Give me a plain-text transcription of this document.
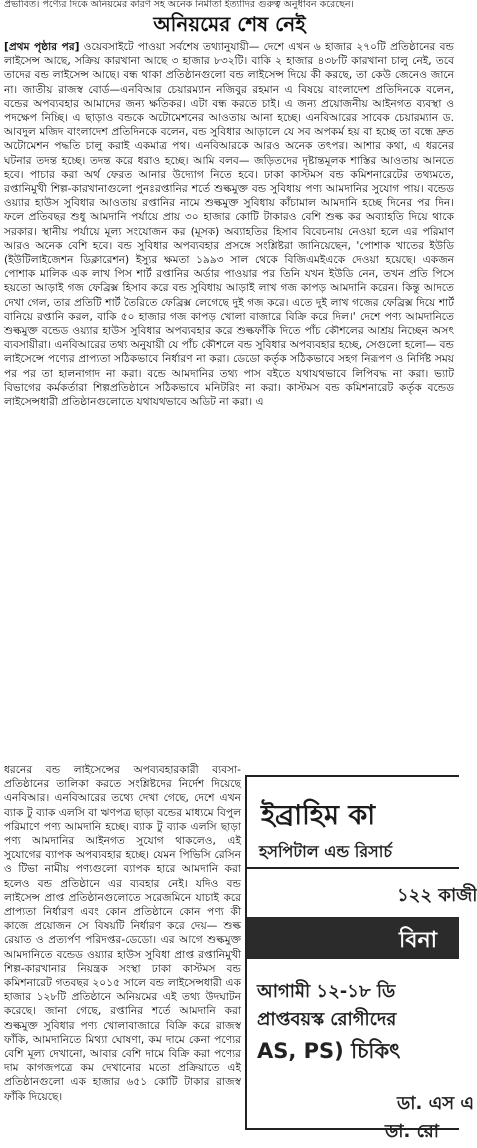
প্রভাবিত। পণ্যের দিকে অনিয়মের কারণ সহ অনেক নির্মাতা ইত্যাদির গুরুত্ব অনুধাবন করেছেন।
অনিয়মের শেষ নেই
[প্রথম পৃষ্ঠার পর] ওয়েবসাইটে পাওয়া সর্বশেষ তথ্যানুযায়ী— দেশে এখন ৬ হাজার ২৭০টি প্রতিষ্ঠানের বন্ড লাইসেন্স আছে, সক্রিয় কারখানা আছে ৩ হাজার ৮৩২টি। বাকি ২ হাজার ৪৩৮টি কারখানা চালু নেই, তবে তাদের বন্ড লাইসেন্স আছে। বন্ধ থাকা প্রতিষ্ঠানগুলো বন্ড লাইসেন্স দিয়ে কী করছে, তা কেউ জেনেও জানে না। জাতীয় রাজস্ব বোর্ড—এনবিআর চেয়ারম্যান নজিবুর রহমান এ বিষয়ে বাংলাদেশ প্রতিদিনকে বলেন, বন্ডের অপব্যবহার আমাদের জন্য ক্ষতিকর। এটা বন্ধ করতে চাই। এ জন্য প্রয়োজনীয় আইনগত ব্যবস্থা ও পদক্ষেপ নিচ্ছি। এ ছাড়াও বন্ডকে অটোমেশনের আওতায় আনা হচ্ছে। এনবিআরের সাবেক চেয়ারম্যান ড. আবদুল মজিদ বাংলাদেশ প্রতিদিনকে বলেন, বন্ড সুবিধার আড়ালে যে সব অপকর্ম হয় বা হচ্ছে তা বন্ধে দ্রুত অটোমেশন পদ্ধতি চালু করাই একমাত্র পথ। এনবিআরকে আরও অনেক তৎপর। আশার কথা, এ ধরনের ঘটনার তদন্ত হচ্ছে। তদন্ত করে ধরাও হচ্ছে। আমি বলব— জড়িতদের দৃষ্টান্তমূলক শাস্তির আওতায় আনতে হবে। পাচার করা অর্থ ফেরত আনার উদ্যোগ নিতে হবে। ঢাকা কাস্টমস বন্ড কমিশনারেটের তথ্যমতে, রপ্তানিমুখী শিল্প-কারখানাগুলো পুনঃরপ্তানির শর্তে শুল্কমুক্ত বন্ড সুবিধায় পণ্য আমদানির সুযোগ পায়। বন্ডেড ওয়্যার হাউস সুবিধার আওতায় রপ্তানির নামে শুল্কমুক্ত সুবিধায় কাঁচামাল আমদানি হচ্ছে দিনের পর দিন। ফলে প্রতিবছর শুধু আমদানি পর্যায়ে প্রায় ৩০ হাজার কোটি টাকারও বেশি শুল্ক কর অব্যাহতি দিয়ে থাকে সরকার। স্থানীয় পর্যায়ে মূল্য সংযোজন কর (মূসক) অব্যাহতির হিসাব বিবেচনায় নেওয়া হলে এর পরিমাণ আরও অনেক বেশি হবে। বন্ড সুবিধার অপব্যবহার প্রসঙ্গে সংশ্লিষ্টরা জানিয়েছেন, 'পোশাক খাতের ইউডি (ইউটিলাইজেশন ডিক্লারেশন) ইস্যুর ক্ষমতা ১৯৯৩ সাল থেকে বিজিএমইএকে দেওয়া হয়েছে। একজন পোশাক মালিক এক লাখ পিস শার্ট রপ্তানির অর্ডার পাওয়ার পর তিনি যখন ইউডি নেন, তখন প্রতি পিসে হয়তো আড়াই গজ ফেব্রিক্স হিসাব করে বন্ড সুবিধায় আড়াই লাখ গজ কাপড় আমদানি করেন। কিন্তু আদতে দেখা গেল, তার প্রতিটি শার্ট তৈরিতে ফেব্রিক্স লেগেছে দুই গজ করে। এতে দুই লাখ গজের ফেব্রিক্স দিয়ে শার্ট বানিয়ে রপ্তানি করল, বাকি ৫০ হাজার গজ কাপড় খোলা বাজারে বিক্রি করে দিল।' দেশে পণ্য আমদানিতে শুল্কমুক্ত বন্ডেড ওয়্যার হাউস সুবিধার অপব্যবহার করে শুল্কফাঁকি দিতে পাঁচ কৌশলের আশ্রয় নিচ্ছেন অসৎ ব্যবসায়ীরা। এনবিআরের তথ্য অনুযায়ী যে পাঁচ কৌশলে বন্ড সুবিধার অপব্যবহার হচ্ছে, সেগুলো হলো— বন্ড লাইসেন্সে পণ্যের প্রাপ্যতা সঠিকভাবে নির্ধারণ না করা। ডেডো কর্তৃক সঠিকভাবে সহগ নিরূপণ ও নির্দিষ্ট সময় পর পর তা হালনাগাদ না করা। বন্ডে আমদানির তথ্য পাস বইতে যথাযথভাবে লিপিবদ্ধ না করা। ভ্যাট বিভাগের কর্মকর্তারা শিল্পপ্রতিষ্ঠানে সঠিকভাবে মনিটরিং না করা। কাস্টমস বন্ড কমিশনারেট কর্তৃক বন্ডেড লাইসেন্সধারী প্রতিষ্ঠানগুলোতে যথাযথভাবে অডিট না করা। এ
ধরনের বন্ড লাইসেন্সের অপব্যবহারকারী ব্যবসা-প্রতিষ্ঠানের তালিকা করতে সংশ্লিষ্টদের নির্দেশ দিয়েছে এনবিআর। এনবিআরের তথ্যে দেখা গেছে, দেশে এখন ব্যাক টু ব্যাক এলসি বা ঋণপত্র ছাড়া বন্ডের মাধ্যমে বিপুল পরিমাণে পণ্য আমদানি হচ্ছে। ব্যাক টু ব্যাক এলসি ছাড়া পণ্য আমদানির আইনগত সুযোগ থাকলেও, এই সুযোগের ব্যাপক অপব্যবহার হচ্ছে। যেমন পিভিসি রেসিন ও টিভা নামীয় পণ্যগুলো ব্যাপক হারে আমদানি করা হলেও বন্ড প্রতিষ্ঠানে এর ব্যবহার নেই। যদিও বন্ড লাইসেন্স প্রাপ্ত প্রতিষ্ঠানগুলোতে সরেজমিনে যাচাই করে প্রাপ্যতা নির্ধারণ এবং কোন প্রতিষ্ঠানে কোন পণ্য কী কাজে প্রয়োজন সে বিষয়টি নির্ধারণ করে দেয়— শুল্ক রেয়াত ও প্রত্যর্পণ পরিদপ্তর-ডেডো। এর আগে শুল্কমুক্ত আমদানিতে বন্ডেড ওয়্যার হাউস সুবিধা প্রাপ্ত রপ্তানিমুখী শিল্প-কারখানার নিয়ন্ত্রক সংস্থা ঢাকা কাস্টমস বন্ড কমিশনারেট গতবছর ২০১৫ সালে বন্ড লাইসেন্সধারী এক হাজার ১২৮টি প্রতিষ্ঠানে অনিয়মের এই তথ্য উদঘাটন করেছে। জানা গেছে, রপ্তানির শর্তে আমদানি করা শুল্কমুক্ত সুবিধার পণ্য খোলাবাজারে বিক্রি করে রাজস্ব ফাঁকি, আমদানিতে মিথ্যা ঘোষণা, কম দামে কেনা পণ্যের বেশি মূল্য দেখানো, আবার বেশি দামে বিক্রি করা পণ্যের দাম কাগজপত্রে কম দেখানোর মতো প্রক্রিয়াতে এই প্রতিষ্ঠানগুলো এক হাজার ৬৫১ কোটি টাকার রাজস্ব ফাঁকি দিয়েছে।
ইব্রাহিম কা
হসপিটাল এন্ড রিসার্চ
১২২ কাজী
বিনা
আগামী ১২-১৮ ডি
প্রাপ্তবয়স্ক রোগীদের
AS, PS) চিকিৎ
ডা. এস এ
ডা. রো
